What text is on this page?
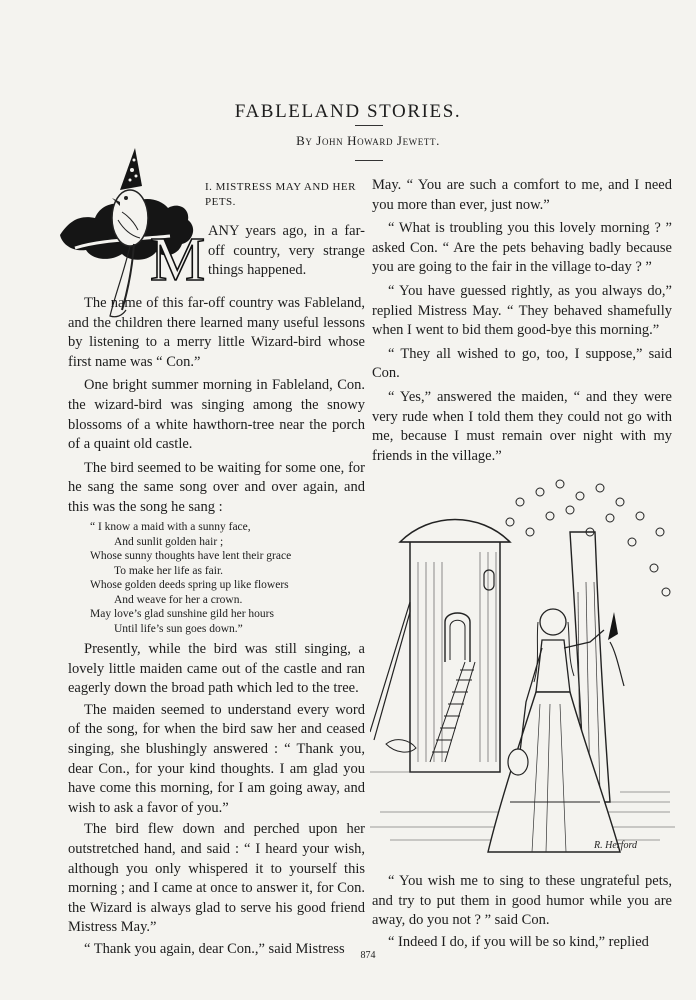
FABLELAND STORIES.
By John Howard Jewett.
M
I. MISTRESS MAY AND HER PETS.
ANY years ago, in a far-off country, very strange things happened.

The name of this far-off country was Fableland, and the children there learned many useful lessons by listening to a merry little Wizard-bird whose first name was “ Con.”

One bright summer morning in Fableland, Con. the wizard-bird was singing among the snowy blossoms of a white hawthorn-tree near the porch of a quaint old castle.

The bird seemed to be waiting for some one, for he sang the same song over and over again, and this was the song he sang :

“ I know a maid with a sunny face,
And sunlit golden hair ;
Whose sunny thoughts have lent their grace
To make her life as fair.
Whose golden deeds spring up like flowers
And weave for her a crown.
May love’s glad sunshine gild her hours
Until life’s sun goes down.”

Presently, while the bird was still singing, a lovely little maiden came out of the castle and ran eagerly down the broad path which led to the tree.

The maiden seemed to understand every word of the song, for when the bird saw her and ceased singing, she blushingly answered : “ Thank you, dear Con., for your kind thoughts. I am glad you have come this morning, for I am going away, and wish to ask a favor of you.”

The bird flew down and perched upon her outstretched hand, and said : “ I heard your wish, although you only whispered it to yourself this morning ; and I came at once to answer it, for Con. the Wizard is always glad to serve his good friend Mistress May.”

“ Thank you again, dear Con.,” said Mistress

May. “ You are such a comfort to me, and I need you more than ever, just now.”

“ What is troubling you this lovely morning ? ” asked Con. “ Are the pets behaving badly because you are going to the fair in the village to-day ? ”

“ You have guessed rightly, as you always do,” replied Mistress May. “ They behaved shamefully when I went to bid them good-bye this morning.”

“ They all wished to go, too, I suppose,” said Con.

“ Yes,” answered the maiden, “ and they were very rude when I told them they could not go with me, because I must remain over night with my friends in the village.”

R. Herford

“ You wish me to sing to these ungrateful pets, and try to put them in good humor while you are away, do you not ? ” said Con.

“ Indeed I do, if you will be so kind,” replied

874
